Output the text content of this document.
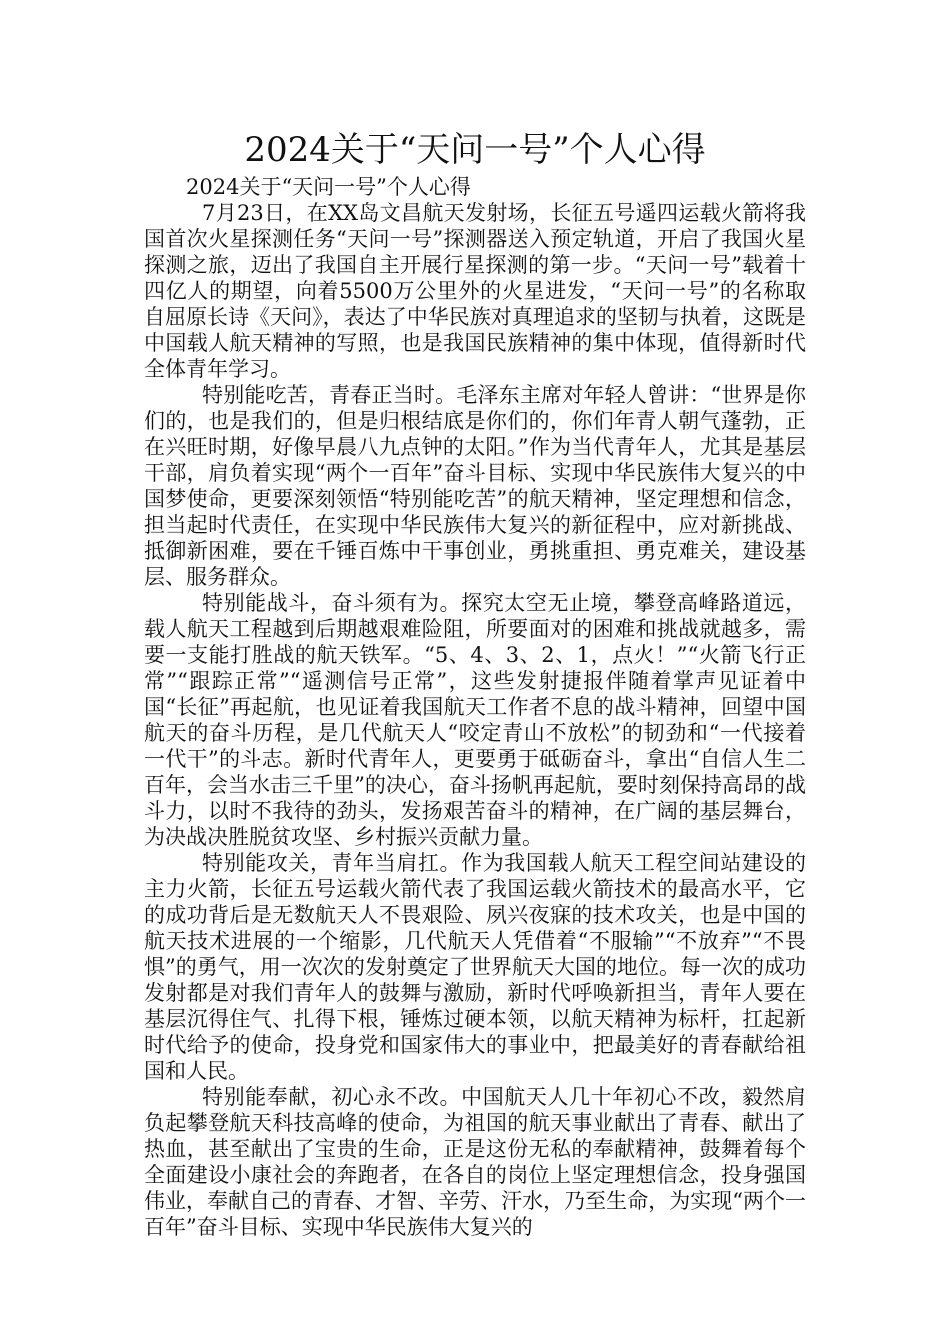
2024关于“天问一号”个人心得

2024关于“天问一号”个人心得

7月23日，在XX岛文昌航天发射场，长征五号遥四运载火箭将我国首次火星探测任务“天问一号”探测器送入预定轨道，开启了我国火星探测之旅，迈出了我国自主开展行星探测的第一步。“天问一号”载着十四亿人的期望，向着5500万公里外的火星进发，“天问一号”的名称取自屈原长诗《天问》，表达了中华民族对真理追求的坚韧与执着，这既是中国载人航天精神的写照，也是我国民族精神的集中体现，值得新时代全体青年学习。

特别能吃苦，青春正当时。毛泽东主席对年轻人曾讲：“世界是你们的，也是我们的，但是归根结底是你们的，你们年青人朝气蓬勃，正在兴旺时期，好像早晨八九点钟的太阳。”作为当代青年人，尤其是基层干部，肩负着实现“两个一百年”奋斗目标、实现中华民族伟大复兴的中国梦使命，更要深刻领悟“特别能吃苦”的航天精神，坚定理想和信念，担当起时代责任，在实现中华民族伟大复兴的新征程中，应对新挑战、抵御新困难，要在千锤百炼中干事创业，勇挑重担、勇克难关，建设基层、服务群众。

特别能战斗，奋斗须有为。探究太空无止境，攀登高峰路道远，载人航天工程越到后期越艰难险阻，所要面对的困难和挑战就越多，需要一支能打胜战的航天铁军。“5、4、3、2、1，点火！”“火箭飞行正常”“跟踪正常”“遥测信号正常”，这些发射捷报伴随着掌声见证着中国“长征”再起航，也见证着我国航天工作者不息的战斗精神，回望中国航天的奋斗历程，是几代航天人“咬定青山不放松”的韧劲和“一代接着一代干”的斗志。新时代青年人，更要勇于砥砺奋斗，拿出“自信人生二百年，会当水击三千里”的决心，奋斗扬帆再起航，要时刻保持高昂的战斗力，以时不我待的劲头，发扬艰苦奋斗的精神，在广阔的基层舞台，为决战决胜脱贫攻坚、乡村振兴贡献力量。

特别能攻关，青年当肩扛。作为我国载人航天工程空间站建设的主力火箭，长征五号运载火箭代表了我国运载火箭技术的最高水平，它的成功背后是无数航天人不畏艰险、夙兴夜寐的技术攻关，也是中国的航天技术进展的一个缩影，几代航天人凭借着“不服输”“不放弃”“不畏惧”的勇气，用一次次的发射奠定了世界航天大国的地位。每一次的成功发射都是对我们青年人的鼓舞与激励，新时代呼唤新担当，青年人要在基层沉得住气、扎得下根，锤炼过硬本领，以航天精神为标杆，扛起新时代给予的使命，投身党和国家伟大的事业中，把最美好的青春献给祖国和人民。

特别能奉献，初心永不改。中国航天人几十年初心不改，毅然肩负起攀登航天科技高峰的使命，为祖国的航天事业献出了青春、献出了热血，甚至献出了宝贵的生命，正是这份无私的奉献精神，鼓舞着每个全面建设小康社会的奔跑者，在各自的岗位上坚定理想信念，投身强国伟业，奉献自己的青春、才智、辛劳、汗水，乃至生命，为实现“两个一百年”奋斗目标、实现中华民族伟大复兴的
